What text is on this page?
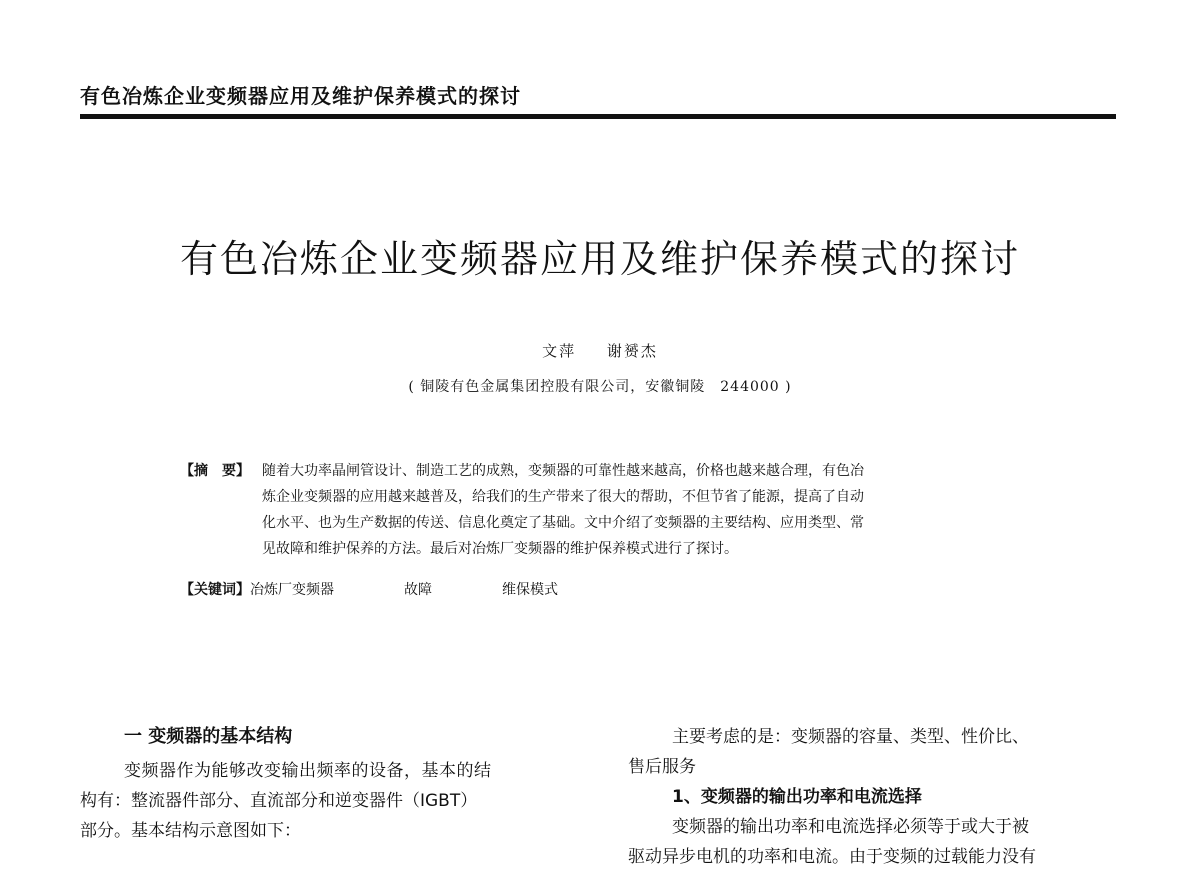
有色冶炼企业变频器应用及维护保养模式的探讨
有色冶炼企业变频器应用及维护保养模式的探讨
文萍 谢赟杰
( 铜陵有色金属集团控股有限公司，安徽铜陵　244000 )
【摘　要】 随着大功率晶闸管设计、制造工艺的成熟，变频器的可靠性越来越高，价格也越来越合理，有色冶
炼企业变频器的应用越来越普及，给我们的生产带来了很大的帮助，不但节省了能源，提高了自动
化水平、也为生产数据的传送、信息化奠定了基础。文中介绍了变频器的主要结构、应用类型、常
见故障和维护保养的方法。最后对冶炼厂变频器的维护保养模式进行了探讨。
【关键词】冶炼厂变频器	故障	维保模式
一 变频器的基本结构
变频器作为能够改变输出频率的设备，基本的结
构有：整流器件部分、直流部分和逆变器件（IGBT）
部分。基本结构示意图如下：
主要考虑的是：变频器的容量、类型、性价比、
售后服务
1、变频器的输出功率和电流选择
变频器的输出功率和电流选择必须等于或大于被
驱动异步电机的功率和电流。由于变频的过载能力没有
